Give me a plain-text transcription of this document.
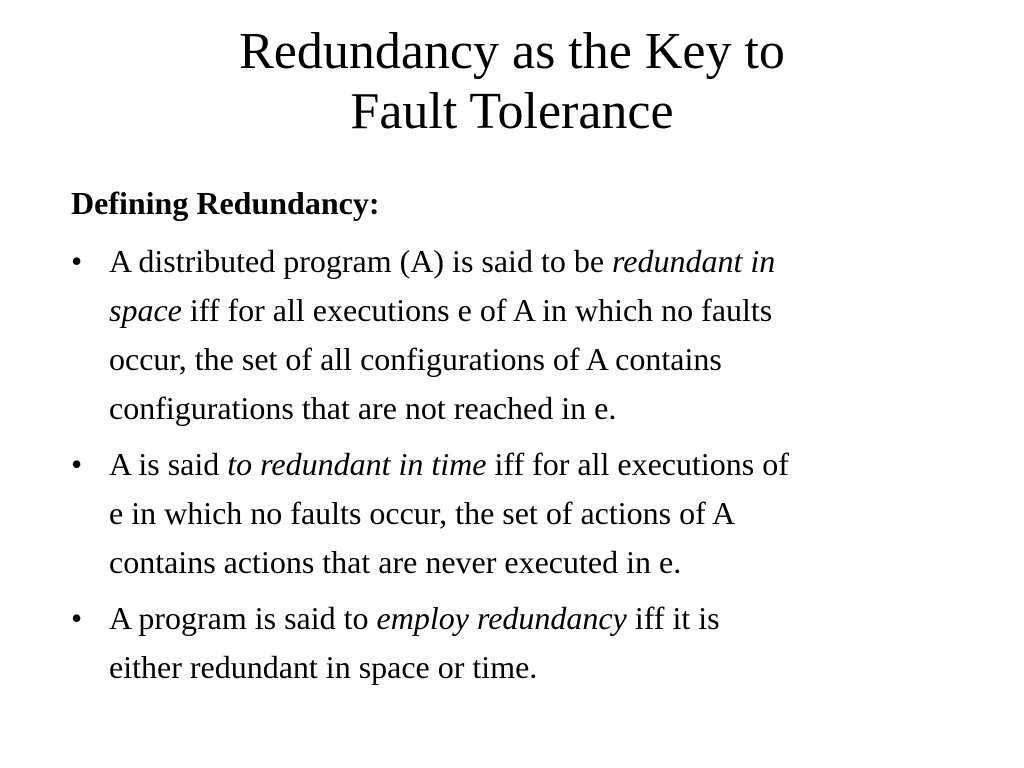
Redundancy as the Key to
Fault Tolerance
Defining Redundancy:
• A distributed program (A) is said to be redundant in

space iff for all executions e of A in which no faults

occur, the set of all configurations of A contains

configurations that are not reached in e.

• A is said to redundant in time iff for all executions of

e in which no faults occur, the set of actions of A

contains actions that are never executed in e.

• A program is said to employ redundancy iff it is

either redundant in space or time.
